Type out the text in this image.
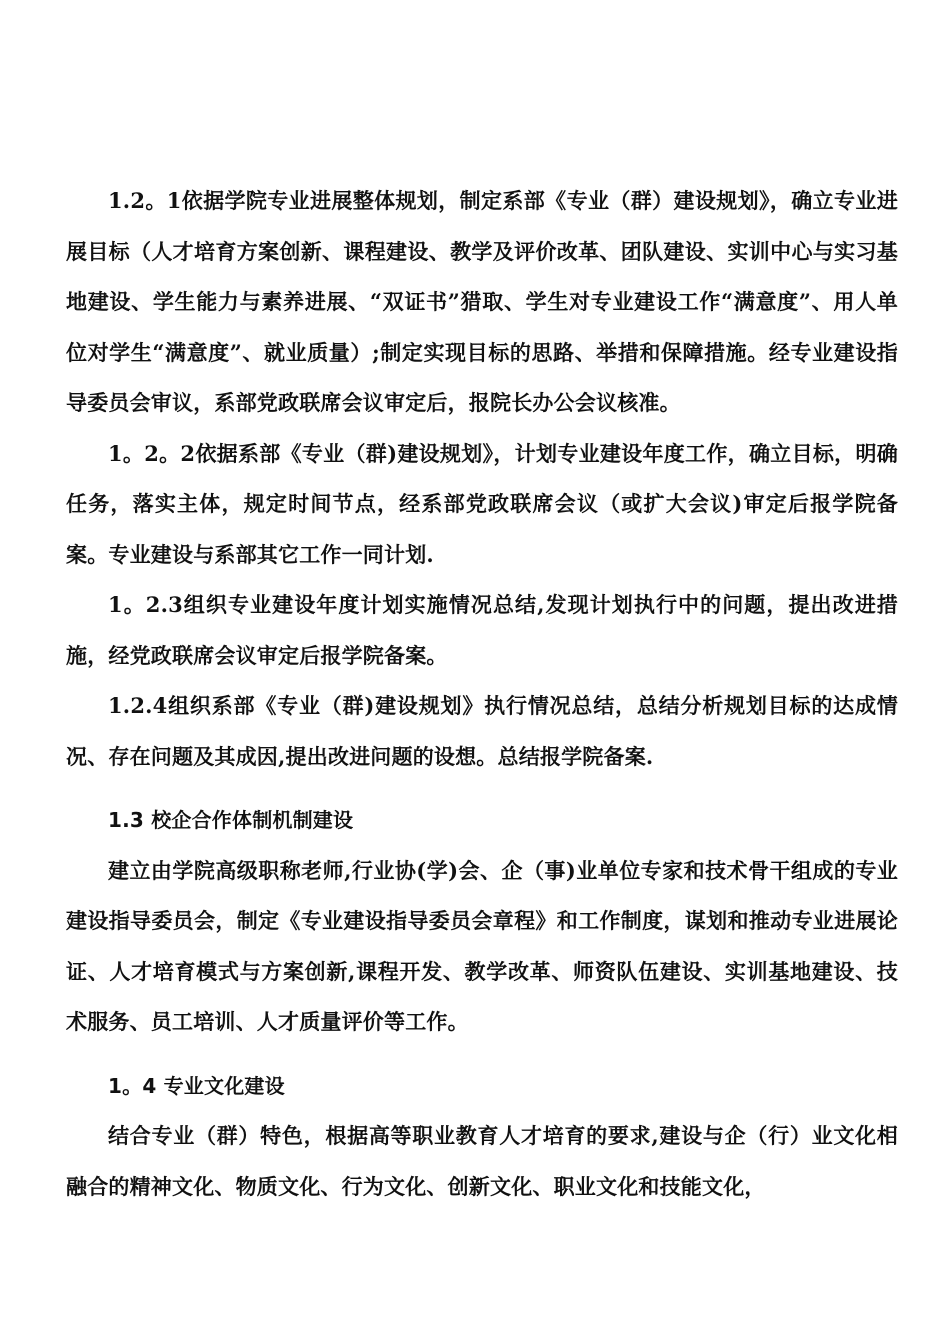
1.2。1依据学院专业进展整体规划，制定系部《专业（群）建设规划》，确立专业进展目标（人才培育方案创新、课程建设、教学及评价改革、团队建设、实训中心与实习基地建设、学生能力与素养进展、“双证书”猎取、学生对专业建设工作“满意度”、用人单位对学生“满意度”、就业质量）;制定实现目标的思路、举措和保障措施。经专业建设指导委员会审议，系部党政联席会议审定后，报院长办公会议核准。

1。2。2依据系部《专业（群)建设规划》，计划专业建设年度工作，确立目标，明确任务，落实主体，规定时间节点，经系部党政联席会议（或扩大会议)审定后报学院备案。专业建设与系部其它工作一同计划.

1。2.3组织专业建设年度计划实施情况总结,发现计划执行中的问题，提出改进措施，经党政联席会议审定后报学院备案。

1.2.4组织系部《专业（群)建设规划》执行情况总结，总结分析规划目标的达成情况、存在问题及其成因,提出改进问题的设想。总结报学院备案.

1.3 校企合作体制机制建设

建立由学院高级职称老师,行业协(学)会、企（事)业单位专家和技术骨干组成的专业建设指导委员会，制定《专业建设指导委员会章程》和工作制度，谋划和推动专业进展论证、人才培育模式与方案创新,课程开发、教学改革、师资队伍建设、实训基地建设、技术服务、员工培训、人才质量评价等工作。

1。4 专业文化建设

结合专业（群）特色，根据高等职业教育人才培育的要求,建设与企（行）业文化相融合的精神文化、物质文化、行为文化、创新文化、职业文化和技能文化，
